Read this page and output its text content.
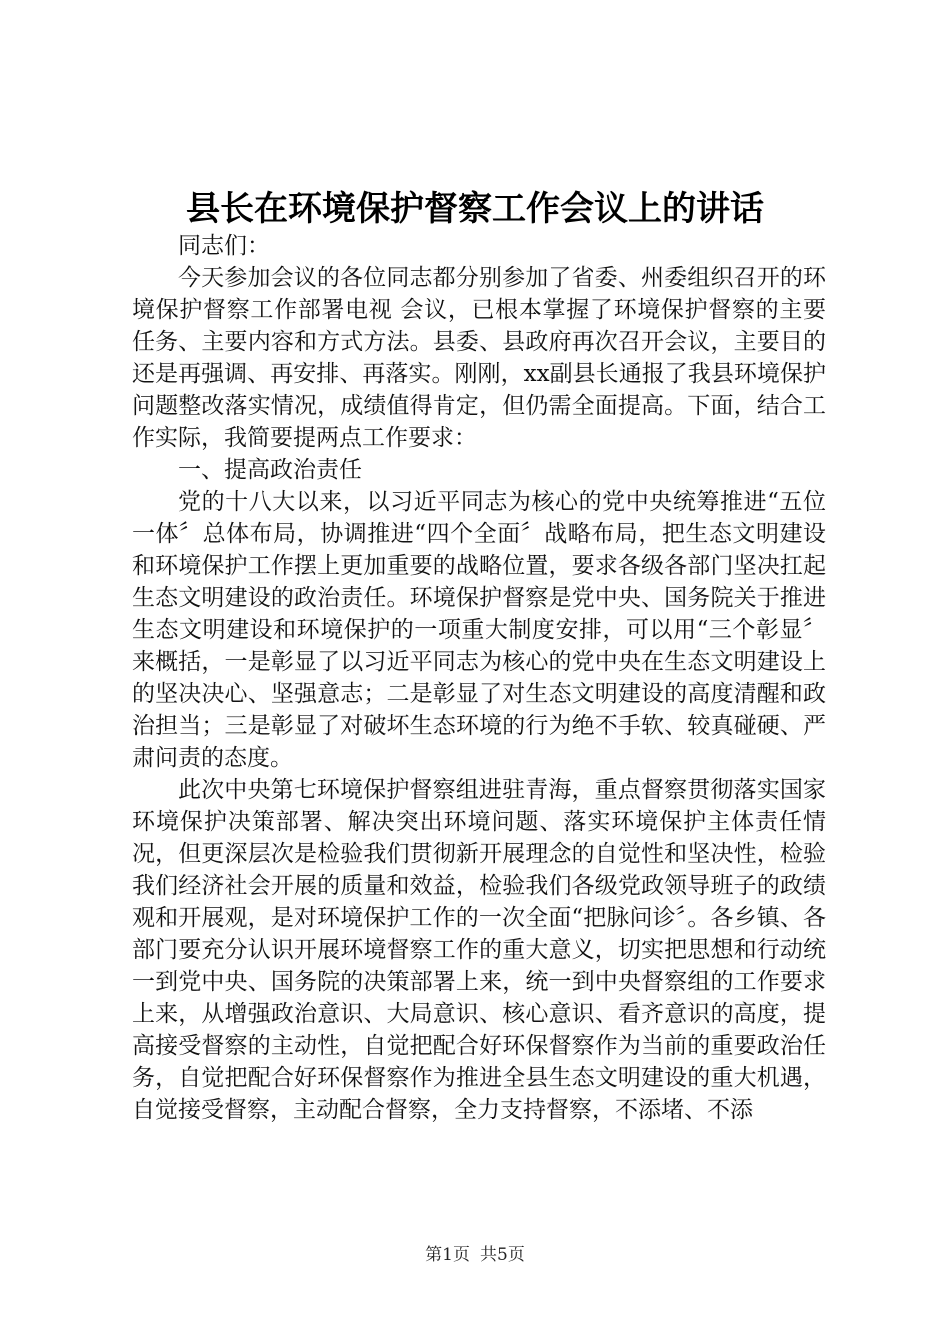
县长在环境保护督察工作会议上的讲话

同志们：

今天参加会议的各位同志都分别参加了省委、州委组织召开的环境保护督察工作部署电视 会议，已根本掌握了环境保护督察的主要任务、主要内容和方式方法。县委、县政府再次召开会议，主要目的还是再强调、再安排、再落实。刚刚，xx副县长通报了我县环境保护问题整改落实情况，成绩值得肯定，但仍需全面提高。下面，结合工作实际，我简要提两点工作要求：

一、提高政治责任

党的十八大以来，以习近平同志为核心的党中央统筹推进“五位一体〞总体布局，协调推进“四个全面〞战略布局，把生态文明建设和环境保护工作摆上更加重要的战略位置，要求各级各部门坚决扛起生态文明建设的政治责任。环境保护督察是党中央、国务院关于推进生态文明建设和环境保护的一项重大制度安排，可以用“三个彰显〞来概括，一是彰显了以习近平同志为核心的党中央在生态文明建设上的坚决决心、坚强意志；二是彰显了对生态文明建设的高度清醒和政治担当；三是彰显了对破坏生态环境的行为绝不手软、较真碰硬、严肃问责的态度。

此次中央第七环境保护督察组进驻青海，重点督察贯彻落实国家环境保护决策部署、解决突出环境问题、落实环境保护主体责任情况，但更深层次是检验我们贯彻新开展理念的自觉性和坚决性，检验我们经济社会开展的质量和效益，检验我们各级党政领导班子的政绩观和开展观，是对环境保护工作的一次全面“把脉问诊〞。各乡镇、各部门要充分认识开展环境督察工作的重大意义，切实把思想和行动统一到党中央、国务院的决策部署上来，统一到中央督察组的工作要求上来，从增强政治意识、大局意识、核心意识、看齐意识的高度，提高接受督察的主动性，自觉把配合好环保督察作为当前的重要政治任务，自觉把配合好环保督察作为推进全县生态文明建设的重大机遇，自觉接受督察，主动配合督察，全力支持督察，不添堵、不添

第1页 共5页
